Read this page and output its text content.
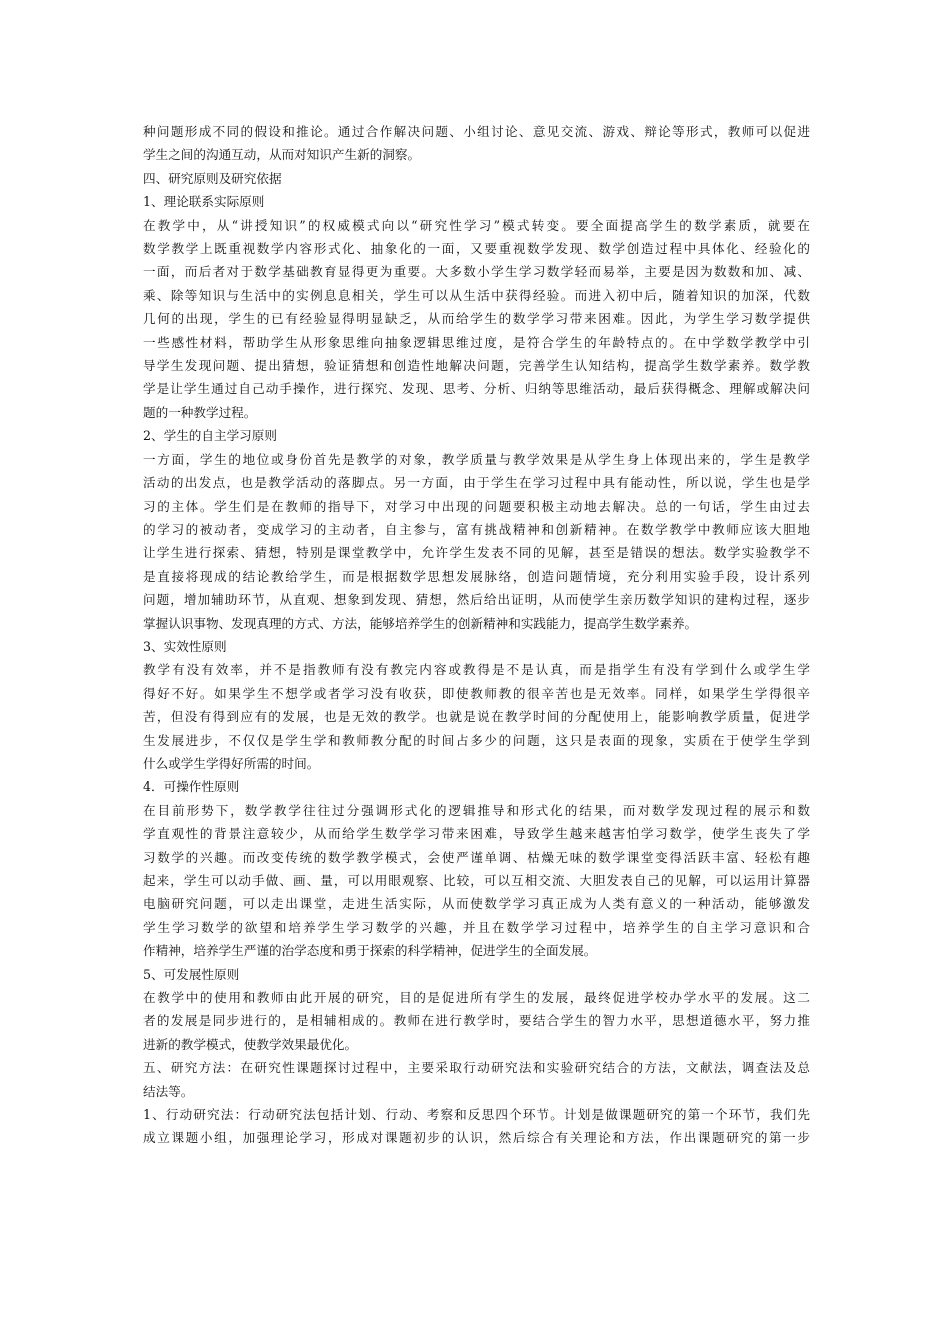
种问题形成不同的假设和推论。通过合作解决问题、小组讨论、意见交流、游戏、辩论等形式，教师可以促进
学生之间的沟通互动，从而对知识产生新的洞察。
四、研究原则及研究依据
1、理论联系实际原则
在教学中，从“讲授知识”的权威模式向以“研究性学习”模式转变。要全面提高学生的数学素质，就要在
数学教学上既重视数学内容形式化、抽象化的一面，又要重视数学发现、数学创造过程中具体化、经验化的
一面，而后者对于数学基础教育显得更为重要。大多数小学生学习数学轻而易举，主要是因为数数和加、减、
乘、除等知识与生活中的实例息息相关，学生可以从生活中获得经验。而进入初中后，随着知识的加深，代数
几何的出现，学生的已有经验显得明显缺乏，从而给学生的数学学习带来困难。因此，为学生学习数学提供
一些感性材料，帮助学生从形象思维向抽象逻辑思维过度，是符合学生的年龄特点的。在中学数学教学中引
导学生发现问题、提出猜想，验证猜想和创造性地解决问题，完善学生认知结构，提高学生数学素养。数学教
学是让学生通过自己动手操作，进行探究、发现、思考、分析、归纳等思维活动，最后获得概念、理解或解决问
题的一种教学过程。
2、学生的自主学习原则
一方面，学生的地位或身份首先是教学的对象，教学质量与教学效果是从学生身上体现出来的，学生是教学
活动的出发点，也是教学活动的落脚点。另一方面，由于学生在学习过程中具有能动性，所以说，学生也是学
习的主体。学生们是在教师的指导下，对学习中出现的问题要积极主动地去解决。总的一句话，学生由过去
的学习的被动者，变成学习的主动者，自主参与，富有挑战精神和创新精神。在数学教学中教师应该大胆地
让学生进行探索、猜想，特别是课堂教学中，允许学生发表不同的见解，甚至是错误的想法。数学实验教学不
是直接将现成的结论教给学生，而是根据数学思想发展脉络，创造问题情境，充分利用实验手段，设计系列
问题，增加辅助环节，从直观、想象到发现、猜想，然后给出证明，从而使学生亲历数学知识的建构过程，逐步
掌握认识事物、发现真理的方式、方法，能够培养学生的创新精神和实践能力，提高学生数学素养。
3、实效性原则
教学有没有效率，并不是指教师有没有教完内容或教得是不是认真，而是指学生有没有学到什么或学生学
得好不好。如果学生不想学或者学习没有收获，即使教师教的很辛苦也是无效率。同样，如果学生学得很辛
苦，但没有得到应有的发展，也是无效的教学。也就是说在教学时间的分配使用上，能影响教学质量，促进学
生发展进步，不仅仅是学生学和教师教分配的时间占多少的问题，这只是表面的现象，实质在于使学生学到
什么或学生学得好所需的时间。
4．可操作性原则
在目前形势下，数学教学往往过分强调形式化的逻辑推导和形式化的结果，而对数学发现过程的展示和数
学直观性的背景注意较少，从而给学生数学学习带来困难，导致学生越来越害怕学习数学，使学生丧失了学
习数学的兴趣。而改变传统的数学教学模式，会使严谨单调、枯燥无味的数学课堂变得活跃丰富、轻松有趣
起来，学生可以动手做、画、量，可以用眼观察、比较，可以互相交流、大胆发表自己的见解，可以运用计算器
电脑研究问题，可以走出课堂，走进生活实际，从而使数学学习真正成为人类有意义的一种活动，能够激发
学生学习数学的欲望和培养学生学习数学的兴趣，并且在数学学习过程中，培养学生的自主学习意识和合
作精神，培养学生严谨的治学态度和勇于探索的科学精神，促进学生的全面发展。
5、可发展性原则
在教学中的使用和教师由此开展的研究，目的是促进所有学生的发展，最终促进学校办学水平的发展。这二
者的发展是同步进行的，是相辅相成的。教师在进行教学时，要结合学生的智力水平，思想道德水平，努力推
进新的教学模式，使教学效果最优化。
五、研究方法：在研究性课题探讨过程中，主要采取行动研究法和实验研究结合的方法，文献法，调查法及总
结法等。
1、行动研究法：行动研究法包括计划、行动、考察和反思四个环节。计划是做课题研究的第一个环节，我们先
成立课题小组，加强理论学习，形成对课题初步的认识，然后综合有关理论和方法，作出课题研究的第一步
